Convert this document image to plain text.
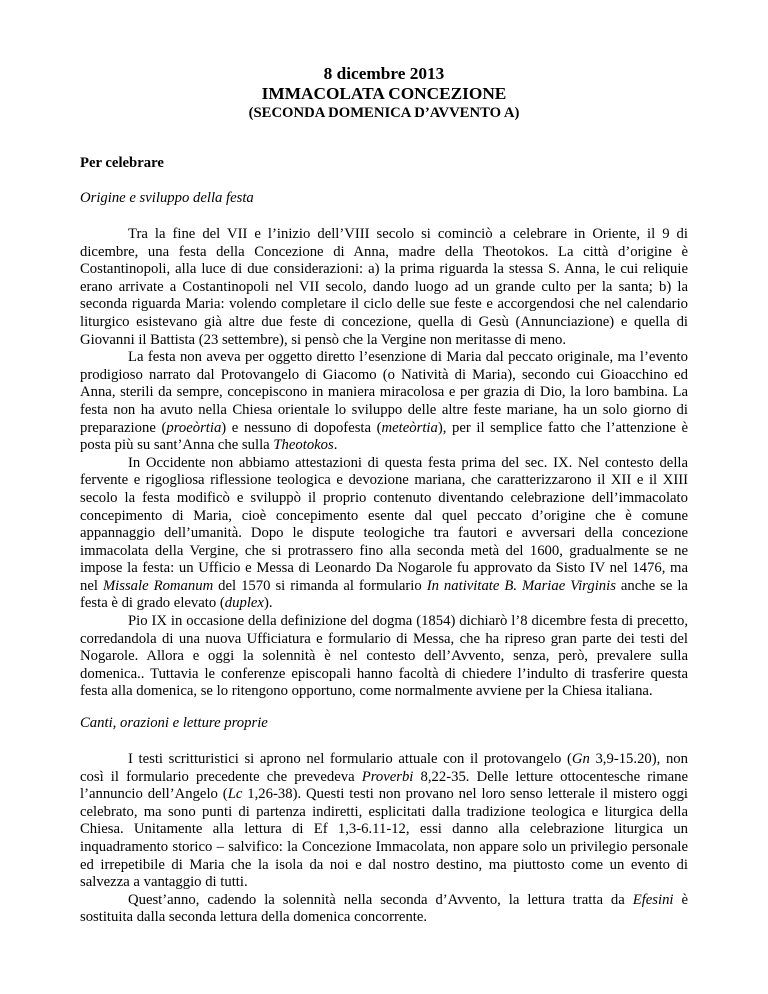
8 dicembre 2013
IMMACOLATA CONCEZIONE
(SECONDA DOMENICA D’AVVENTO A)
Per celebrare
Origine e sviluppo della festa

Tra la fine del VII e l’inizio dell’VIII secolo si cominciò a celebrare in Oriente, il 9 di dicembre, una festa della Concezione di Anna, madre della Theotokos. La città d’origine è Costantinopoli, alla luce di due considerazioni: a) la prima riguarda la stessa S. Anna, le cui reliquie erano arrivate a Costantinopoli nel VII secolo, dando luogo ad un grande culto per la santa; b) la seconda riguarda Maria: volendo completare il ciclo delle sue feste e accorgendosi che nel calendario liturgico esistevano già altre due feste di concezione, quella di Gesù (Annunciazione) e quella di Giovanni il Battista (23 settembre), si pensò che la Vergine non meritasse di meno.

La festa non aveva per oggetto diretto l’esenzione di Maria dal peccato originale, ma l’evento prodigioso narrato dal Protovangelo di Giacomo (o Natività di Maria), secondo cui Gioacchino ed Anna, sterili da sempre, concepiscono in maniera miracolosa e per grazia di Dio, la loro bambina. La festa non ha avuto nella Chiesa orientale lo sviluppo delle altre feste mariane, ha un solo giorno di preparazione (proeòrtia) e nessuno di dopofesta (meteòrtia), per il semplice fatto che l’attenzione è posta più su sant’Anna che sulla Theotokos.

In Occidente non abbiamo attestazioni di questa festa prima del sec. IX. Nel contesto della fervente e rigogliosa riflessione teologica e devozione mariana, che caratterizzarono il XII e il XIII secolo la festa modificò e sviluppò il proprio contenuto diventando celebrazione dell’immacolato concepimento di Maria, cioè concepimento esente dal quel peccato d’origine che è comune appannaggio dell’umanità. Dopo le dispute teologiche tra fautori e avversari della concezione immacolata della Vergine, che si protrassero fino alla seconda metà del 1600, gradualmente se ne impose la festa: un Ufficio e Messa di Leonardo Da Nogarole fu approvato da Sisto IV nel 1476, ma nel Missale Romanum del 1570 si rimanda al formulario In nativitate B. Mariae Virginis anche se la festa è di grado elevato (duplex).

Pio IX in occasione della definizione del dogma (1854) dichiarò l’8 dicembre festa di precetto, corredandola di una nuova Ufficiatura e formulario di Messa, che ha ripreso gran parte dei testi del Nogarole. Allora e oggi la solennità è nel contesto dell’Avvento, senza, però, prevalere sulla domenica.. Tuttavia le conferenze episcopali hanno facoltà di chiedere l’indulto di trasferire questa festa alla domenica, se lo ritengono opportuno, come normalmente avviene per la Chiesa italiana.

Canti, orazioni e letture proprie

I testi scritturistici si aprono nel formulario attuale con il protovangelo (Gn 3,9-15.20), non così il formulario precedente che prevedeva Proverbi 8,22-35. Delle letture ottocentesche rimane l’annuncio dell’Angelo (Lc 1,26-38). Questi testi non provano nel loro senso letterale il mistero oggi celebrato, ma sono punti di partenza indiretti, esplicitati dalla tradizione teologica e liturgica della Chiesa. Unitamente alla lettura di Ef 1,3-6.11-12, essi danno alla celebrazione liturgica un inquadramento storico – salvifico: la Concezione Immacolata, non appare solo un privilegio personale ed irrepetibile di Maria che la isola da noi e dal nostro destino, ma piuttosto come un evento di salvezza a vantaggio di tutti.

Quest’anno, cadendo la solennità nella seconda d’Avvento, la lettura tratta da Efesini è sostituita dalla seconda lettura della domenica concorrente.
